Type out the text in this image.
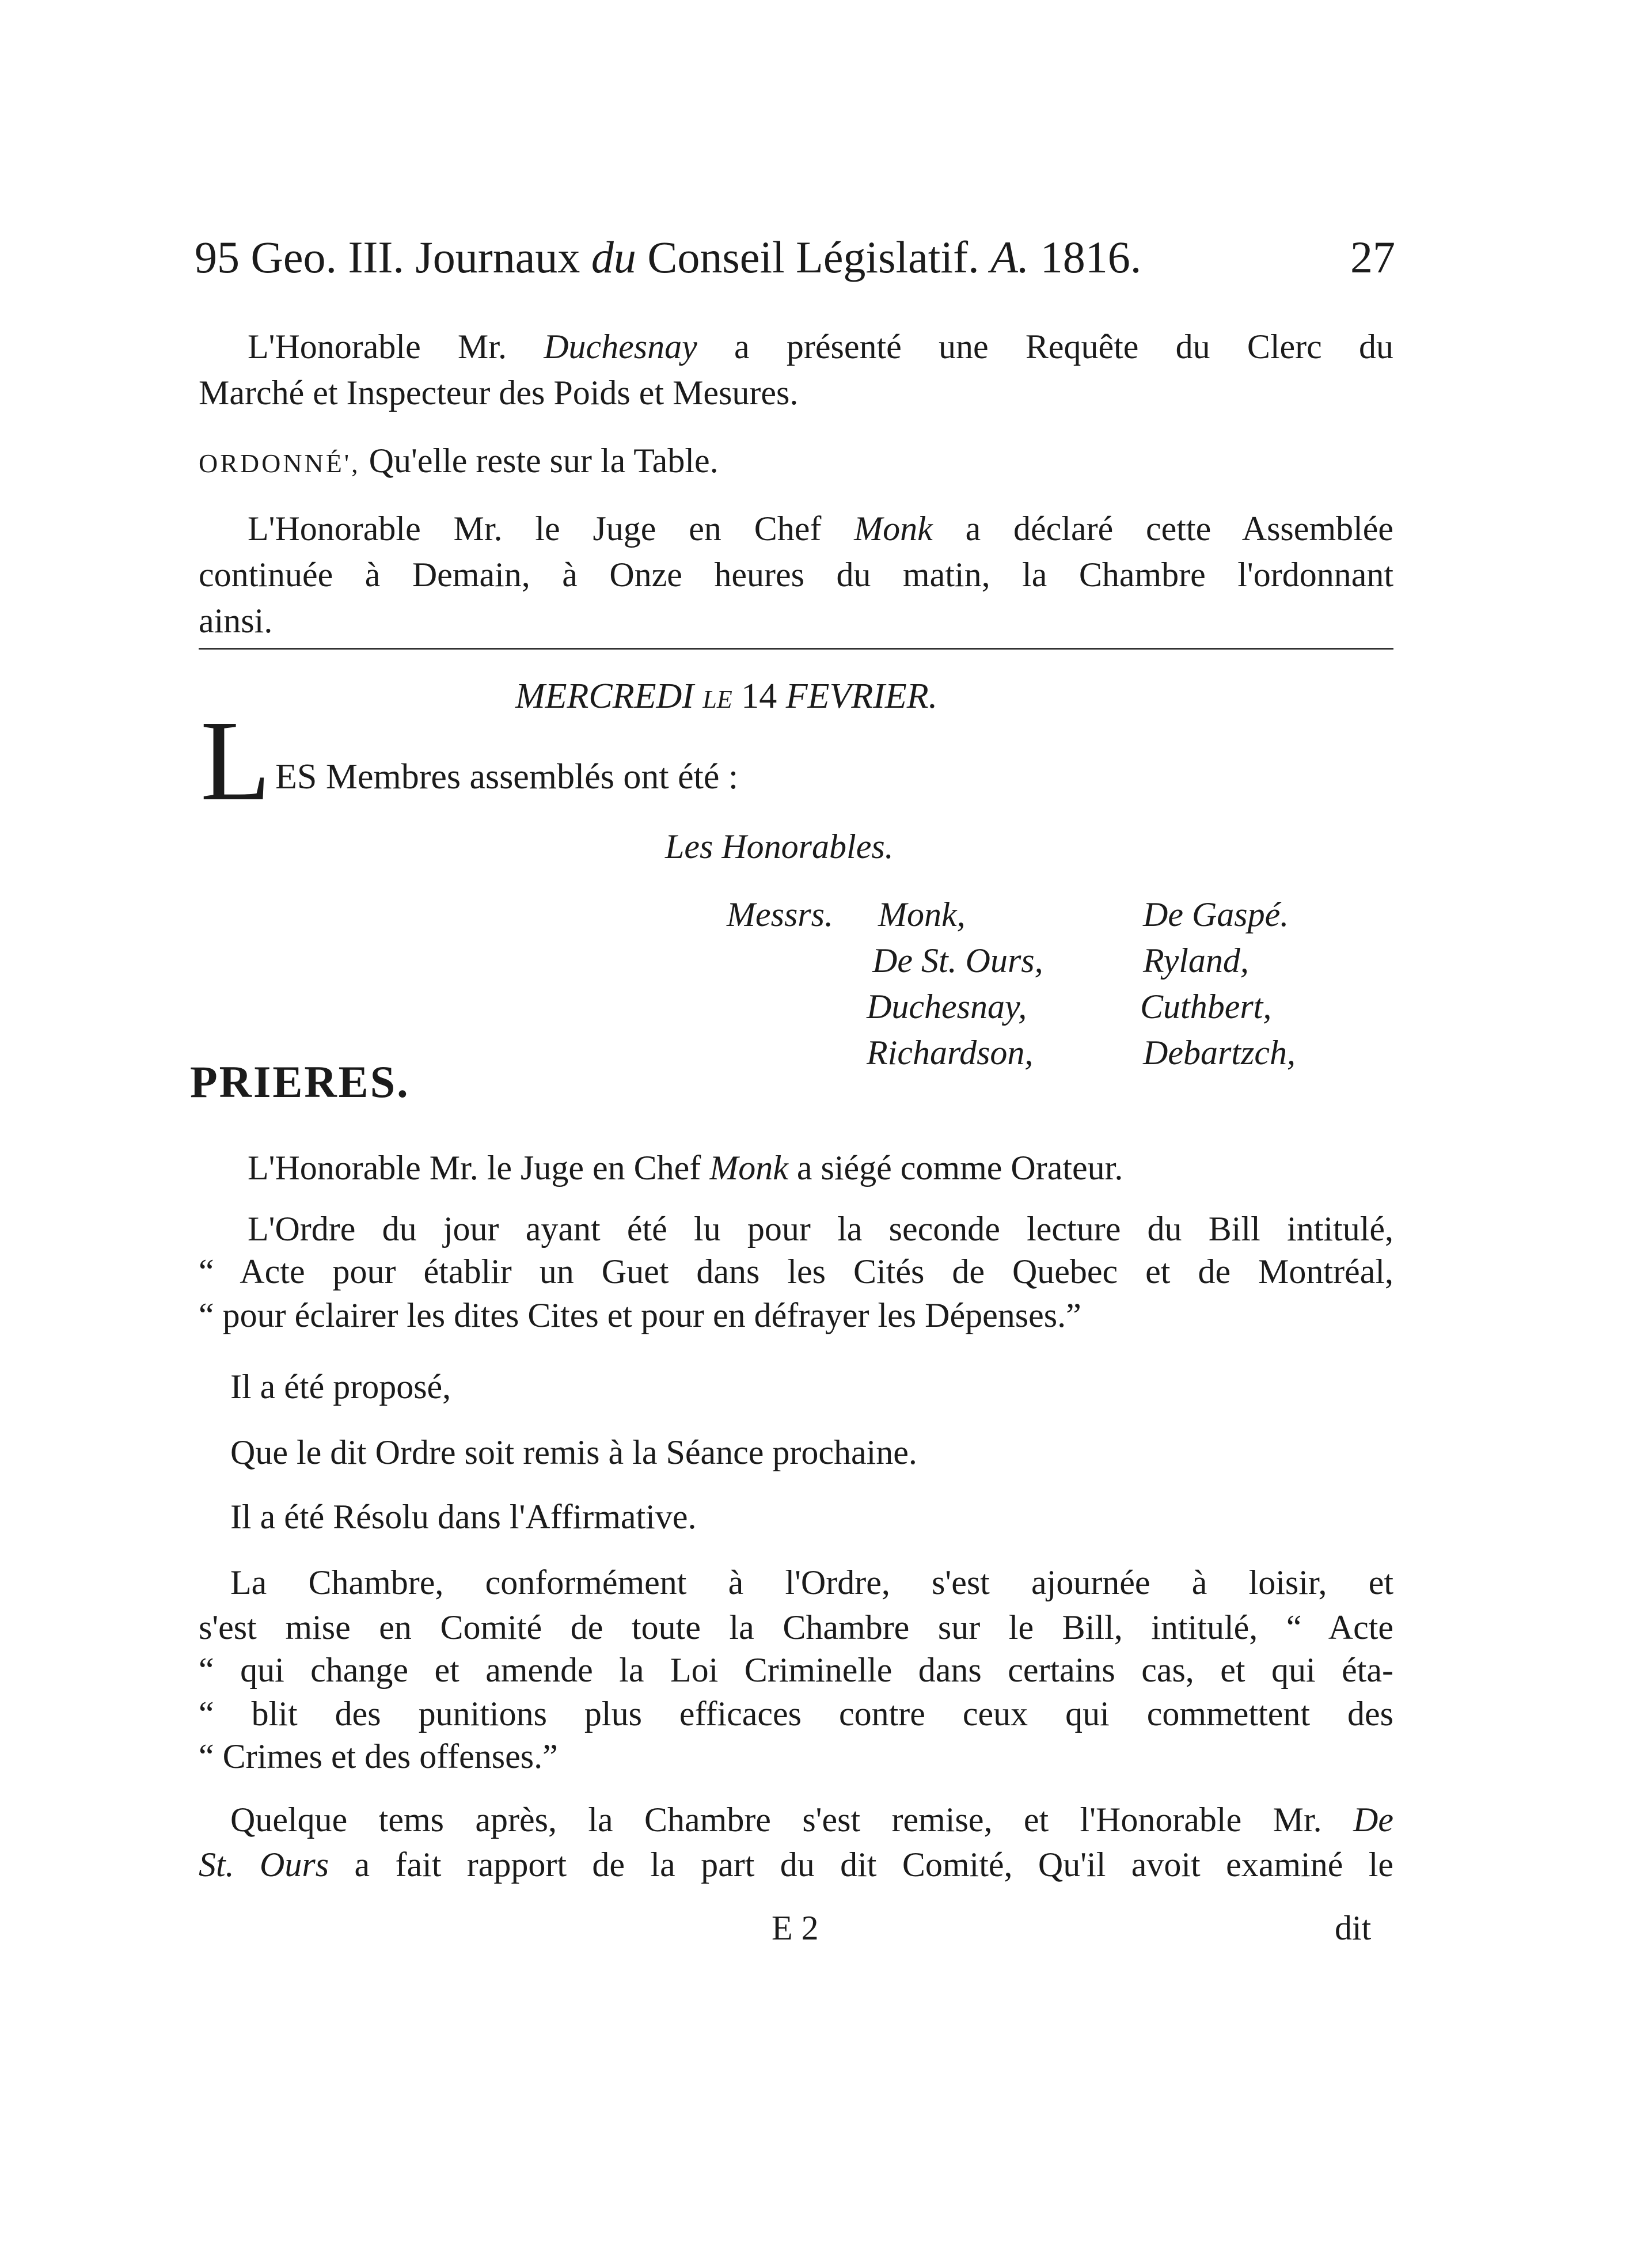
95 Geo. III. Journaux du Conseil Législatif. A. 1816.	27
L'Honorable Mr. Duchesnay a présenté une Requête du Clerc du
Marché et Inspecteur des Poids et Mesures.
ORDONNÉ', Qu'elle reste sur la Table.
L'Honorable Mr. le Juge en Chef Monk a déclaré cette Assemblée
continuée à Demain, à Onze heures du matin, la Chambre l'ordonnant
ainsi.
MERCREDI LE 14 FEVRIER.
L ES Membres assemblés ont été :
Les Honorables.
Messrs. Monk,
De St. Ours,
Duchesnay,
Richardson,
De Gaspé.
Ryland,
Cuthbert,
Debartzch,
PRIERES.
L'Honorable Mr. le Juge en Chef Monk a siégé comme Orateur.
L'Ordre du jour ayant été lu pour la seconde lecture du Bill intitulé,
“ Acte pour établir un Guet dans les Cités de Quebec et de Montréal,
“ pour éclairer les dites Cites et pour en défrayer les Dépenses.”
Il a été proposé,
Que le dit Ordre soit remis à la Séance prochaine.
Il a été Résolu dans l'Affirmative.
La Chambre, conformément à l'Ordre, s'est ajournée à loisir, et
s'est mise en Comité de toute la Chambre sur le Bill, intitulé, “ Acte
“ qui change et amende la Loi Criminelle dans certains cas, et qui éta-
“ blit des punitions plus efficaces contre ceux qui commettent des
“ Crimes et des offenses.”
Quelque tems après, la Chambre s'est remise, et l'Honorable Mr. De
St. Ours a fait rapport de la part du dit Comité, Qu'il avoit examiné le
E 2	dit
